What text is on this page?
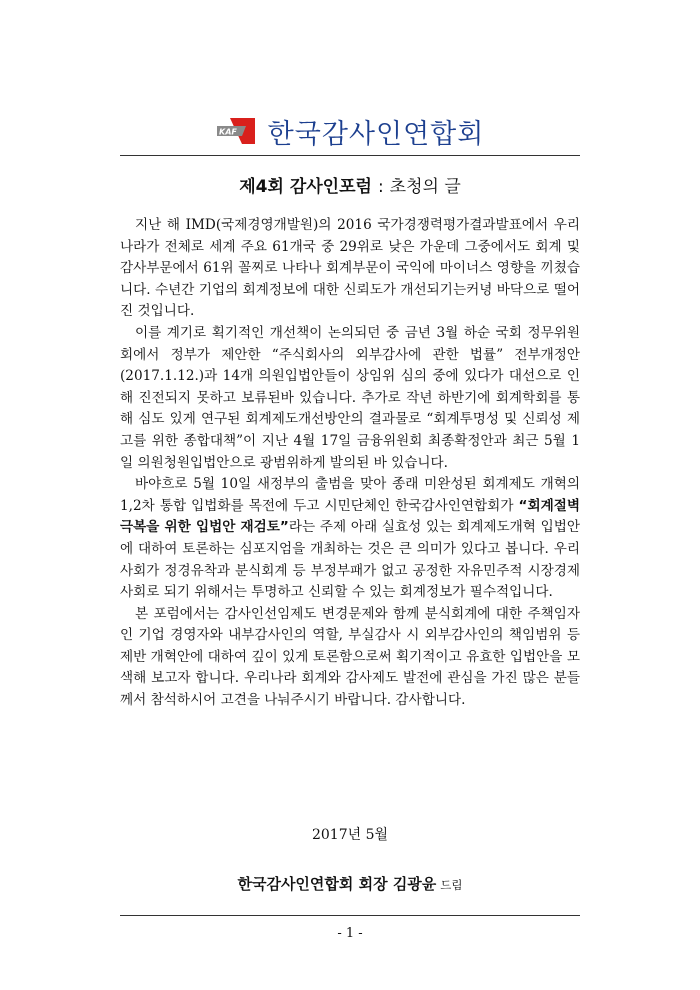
KAF 한국감사인연합회
제4회 감사인포럼 : 초청의 글

지난 해 IMD(국제경영개발원)의 2016 국가경쟁력평가결과발표에서 우리나라가 전체로 세계 주요 61개국 중 29위로 낮은 가운데 그중에서도 회계 및 감사부문에서 61위 꼴찌로 나타나 회계부문이 국익에 마이너스 영향을 끼쳤습니다. 수년간 기업의 회계정보에 대한 신뢰도가 개선되기는커녕 바닥으로 떨어진 것입니다.

이를 계기로 획기적인 개선책이 논의되던 중 금년 3월 하순 국회 정무위원회에서 정부가 제안한 “주식회사의 외부감사에 관한 법률” 전부개정안(2017.1.12.)과 14개 의원입법안들이 상임위 심의 중에 있다가 대선으로 인해 진전되지 못하고 보류된바 있습니다. 추가로 작년 하반기에 회계학회를 통해 심도 있게 연구된 회계제도개선방안의 결과물로 “회계투명성 및 신뢰성 제고를 위한 종합대책”이 지난 4월 17일 금융위원회 최종확정안과 최근 5월 1일 의원청원입법안으로 광범위하게 발의된 바 있습니다.

바야흐로 5월 10일 새정부의 출범을 맞아 종래 미완성된 회계제도 개혁의 1,2차 통합 입법화를 목전에 두고 시민단체인 한국감사인연합회가 “회계절벽 극복을 위한 입법안 재검토”라는 주제 아래 실효성 있는 회계제도개혁 입법안에 대하여 토론하는 심포지엄을 개최하는 것은 큰 의미가 있다고 봅니다. 우리 사회가 정경유착과 분식회계 등 부정부패가 없고 공정한 자유민주적 시장경제사회로 되기 위해서는 투명하고 신뢰할 수 있는 회계정보가 필수적입니다.

본 포럼에서는 감사인선임제도 변경문제와 함께 분식회계에 대한 주책임자인 기업 경영자와 내부감사인의 역할, 부실감사 시 외부감사인의 책임범위 등 제반 개혁안에 대하여 깊이 있게 토론함으로써 획기적이고 유효한 입법안을 모색해 보고자 합니다. 우리나라 회계와 감사제도 발전에 관심을 가진 많은 분들께서 참석하시어 고견을 나눠주시기 바랍니다. 감사합니다.

2017년 5월
한국감사인연합회 회장 김광윤 드림
- 1 -
